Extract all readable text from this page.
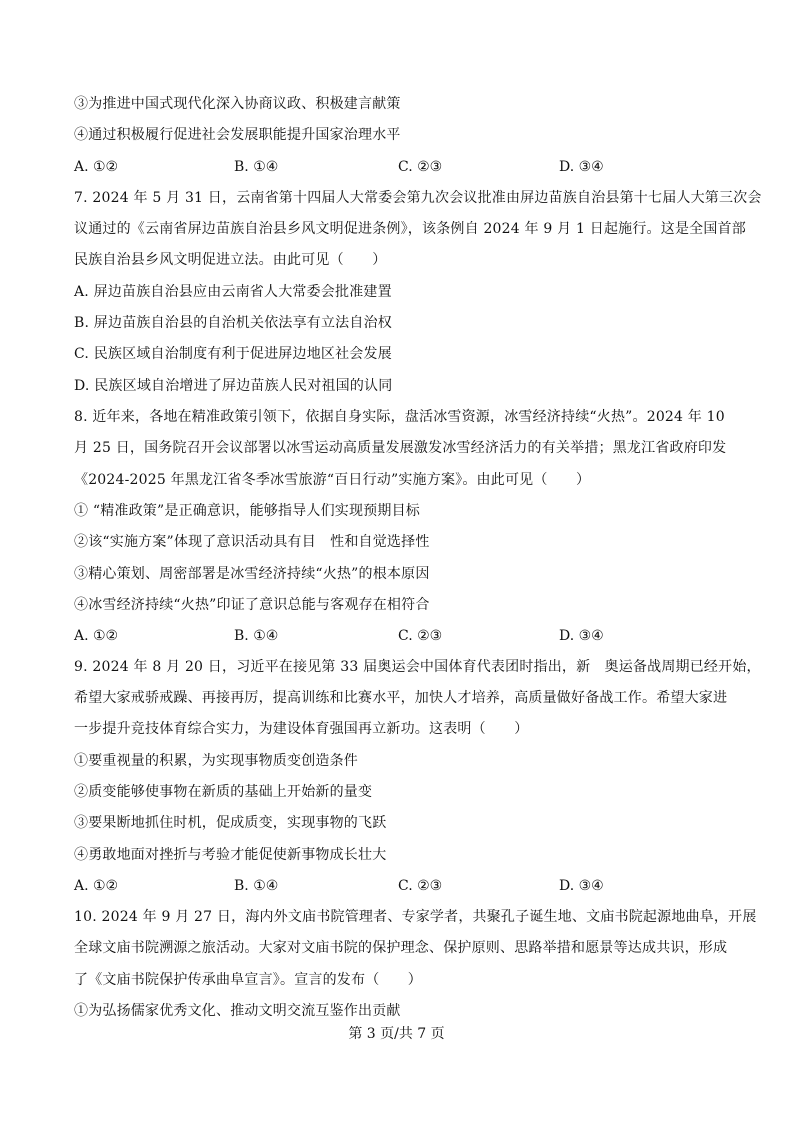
③为推进中国式现代化深入协商议政、积极建言献策
④通过积极履行促进社会发展职能提升国家治理水平
A. ①②	B. ①④	C. ②③	D. ③④
7. 2024 年 5 月 31 日，云南省第十四届人大常委会第九次会议批准由屏边苗族自治县第十七届人大第三次会
议通过的《云南省屏边苗族自治县乡风文明促进条例》，该条例自 2024 年 9 月 1 日起施行。这是全国首部
民族自治县乡风文明促进立法。由此可见（　　）
A. 屏边苗族自治县应由云南省人大常委会批准建置
B. 屏边苗族自治县的自治机关依法享有立法自治权
C. 民族区域自治制度有利于促进屏边地区社会发展
D. 民族区域自治增进了屏边苗族人民对祖国的认同
8. 近年来，各地在精准政策引领下，依据自身实际，盘活冰雪资源，冰雪经济持续“火热”。2024 年 10
月 25 日，国务院召开会议部署以冰雪运动高质量发展激发冰雪经济活力的有关举措；黑龙江省政府印发
《2024-2025 年黑龙江省冬季冰雪旅游“百日行动”实施方案》。由此可见（　　）
① “精准政策”是正确意识，能够指导人们实现预期目标
②该“实施方案”体现了意识活动具有目　性和自觉选择性
③精心策划、周密部署是冰雪经济持续“火热”的根本原因
④冰雪经济持续“火热”印证了意识总能与客观存在相符合
A. ①②	B. ①④	C. ②③	D. ③④
9. 2024 年 8 月 20 日，习近平在接见第 33 届奥运会中国体育代表团时指出，新　奥运备战周期已经开始，
希望大家戒骄戒躁、再接再厉，提高训练和比赛水平，加快人才培养，高质量做好备战工作。希望大家进
一步提升竞技体育综合实力，为建设体育强国再立新功。这表明（　　）
①要重视量的积累，为实现事物质变创造条件
②质变能够使事物在新质的基础上开始新的量变
③要果断地抓住时机，促成质变，实现事物的飞跃
④勇敢地面对挫折与考验才能促使新事物成长壮大
A. ①②	B. ①④	C. ②③	D. ③④
10. 2024 年 9 月 27 日，海内外文庙书院管理者、专家学者，共聚孔子诞生地、文庙书院起源地曲阜，开展
全球文庙书院溯源之旅活动。大家对文庙书院的保护理念、保护原则、思路举措和愿景等达成共识，形成
了《文庙书院保护传承曲阜宣言》。宣言的发布（　　）
①为弘扬儒家优秀文化、推动文明交流互鉴作出贡献
第 3 页/共 7 页
